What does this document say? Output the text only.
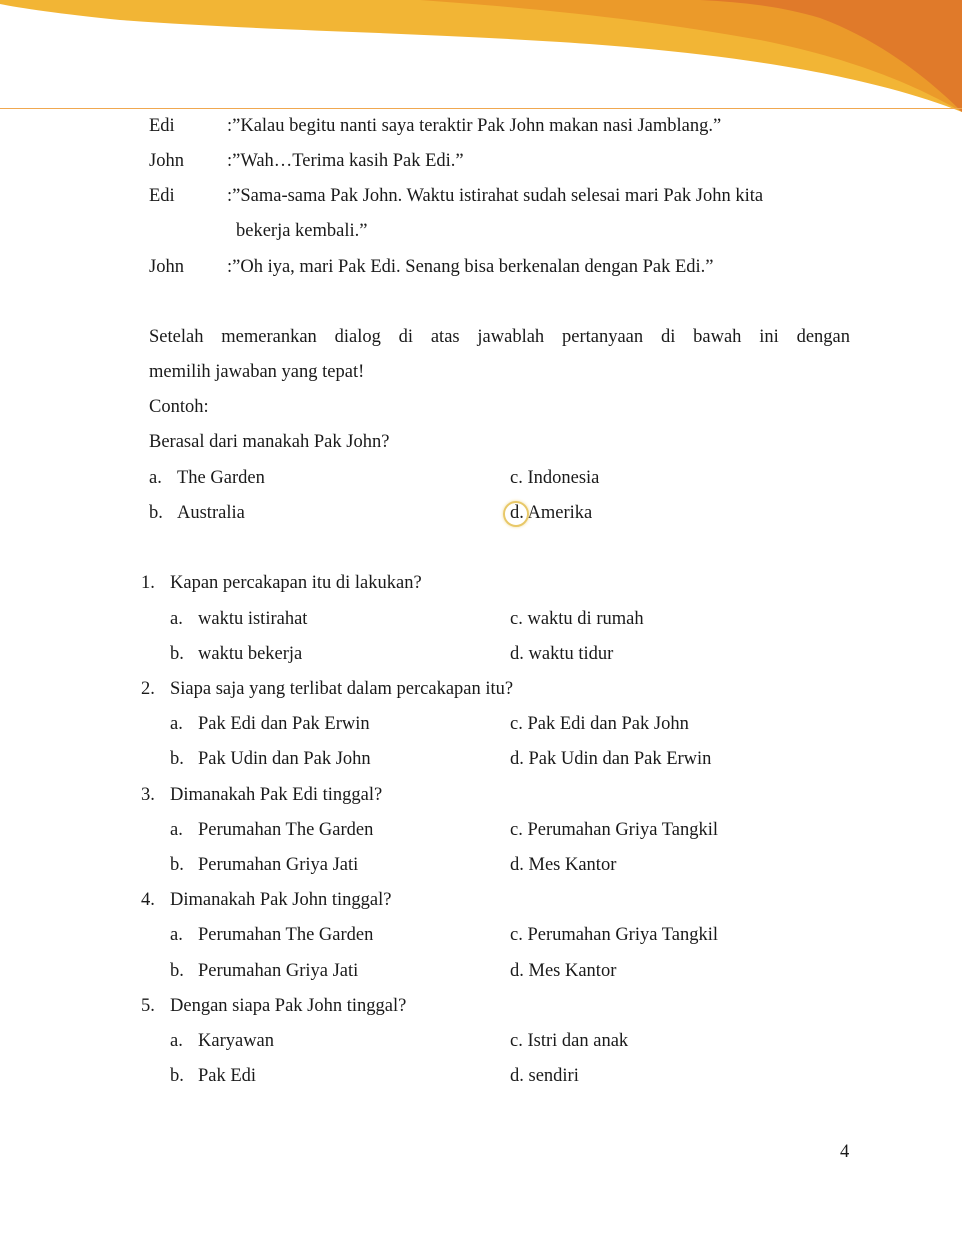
Edi	:”Kalau begitu nanti saya teraktir Pak John makan nasi Jamblang.”
John :”Wah…Terima kasih Pak Edi.”
Edi	:”Sama-sama Pak John. Waktu istirahat sudah selesai mari Pak John kita
bekerja kembali.”
John :”Oh iya, mari Pak Edi. Senang bisa berkenalan dengan Pak Edi.”
Setelah memerankan dialog di atas jawablah pertanyaan di bawah ini dengan
memilih jawaban yang tepat!
Contoh:
Berasal dari manakah Pak John?
a. The Garden
b. Australia
c. Indonesia
d. Amerika
1. Kapan percakapan itu di lakukan?
a. waktu istirahat
b. waktu bekerja
c. waktu di rumah
d. waktu tidur
2. Siapa saja yang terlibat dalam percakapan itu?
a. Pak Edi dan Pak Erwin
b. Pak Udin dan Pak John
c. Pak Edi dan Pak John
d. Pak Udin dan Pak Erwin
3. Dimanakah Pak Edi tinggal?
a. Perumahan The Garden
b. Perumahan Griya Jati
c. Perumahan Griya Tangkil
d. Mes Kantor
4. Dimanakah Pak John tinggal?
a. Perumahan The Garden
b. Perumahan Griya Jati
c. Perumahan Griya Tangkil
d. Mes Kantor
5. Dengan siapa Pak John tinggal?
a. Karyawan
b. Pak Edi
c. Istri dan anak
d. sendiri
4
